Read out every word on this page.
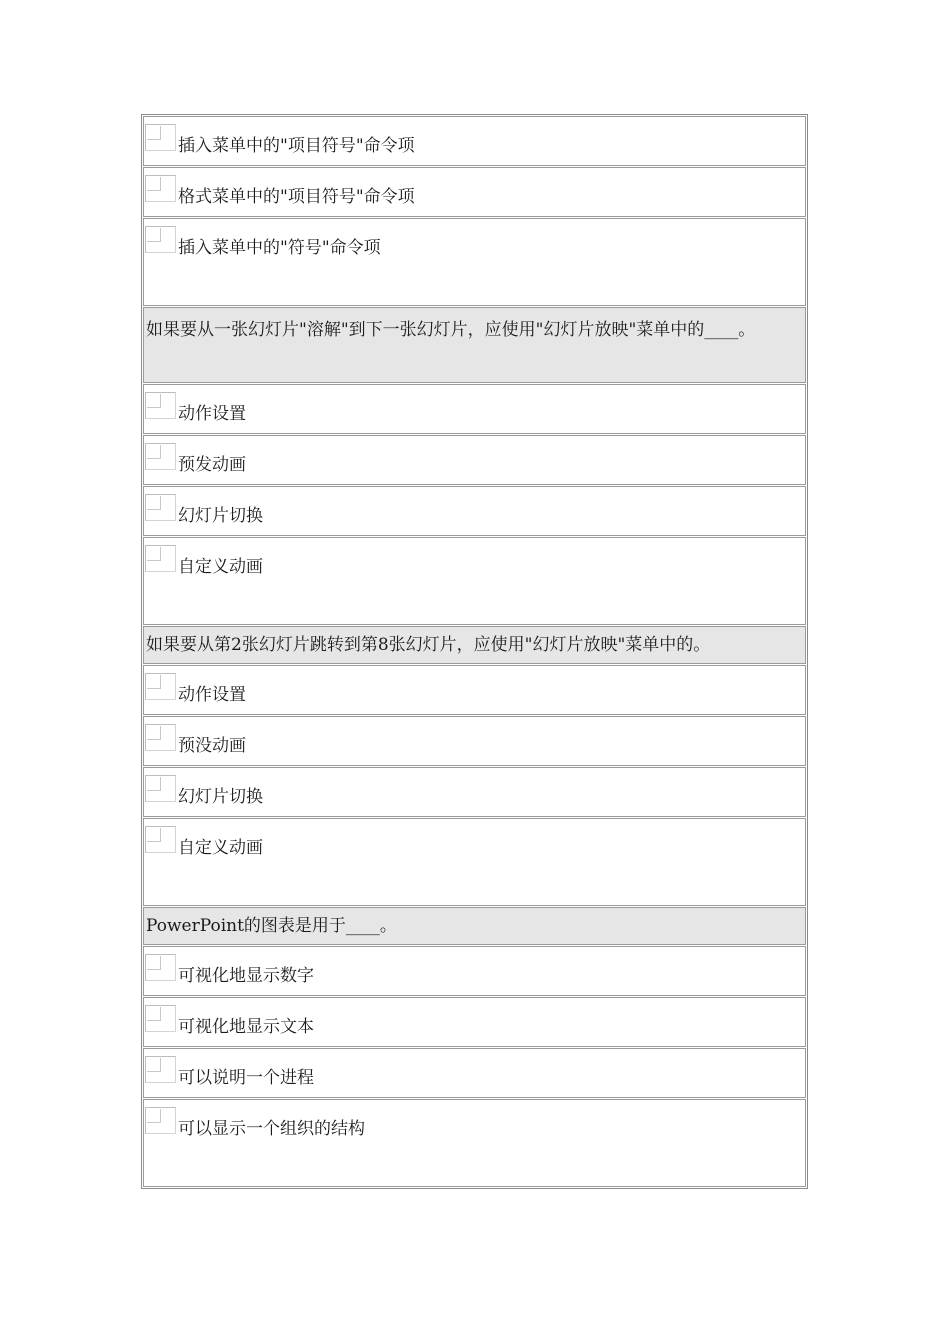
插入菜单中的"项目符号"命令项
格式菜单中的"项目符号"命令项
插入菜单中的"符号"命令项
如果要从一张幻灯片"溶解"到下一张幻灯片，应使用"幻灯片放映"菜单中的____。
动作设置
预发动画
幻灯片切换
自定义动画
如果要从第2张幻灯片跳转到第8张幻灯片，应使用"幻灯片放映"菜单中的。
动作设置
预没动画
幻灯片切换
自定义动画
PowerPoint的图表是用于____。
可视化地显示数字
可视化地显示文本
可以说明一个进程
可以显示一个组织的结构
